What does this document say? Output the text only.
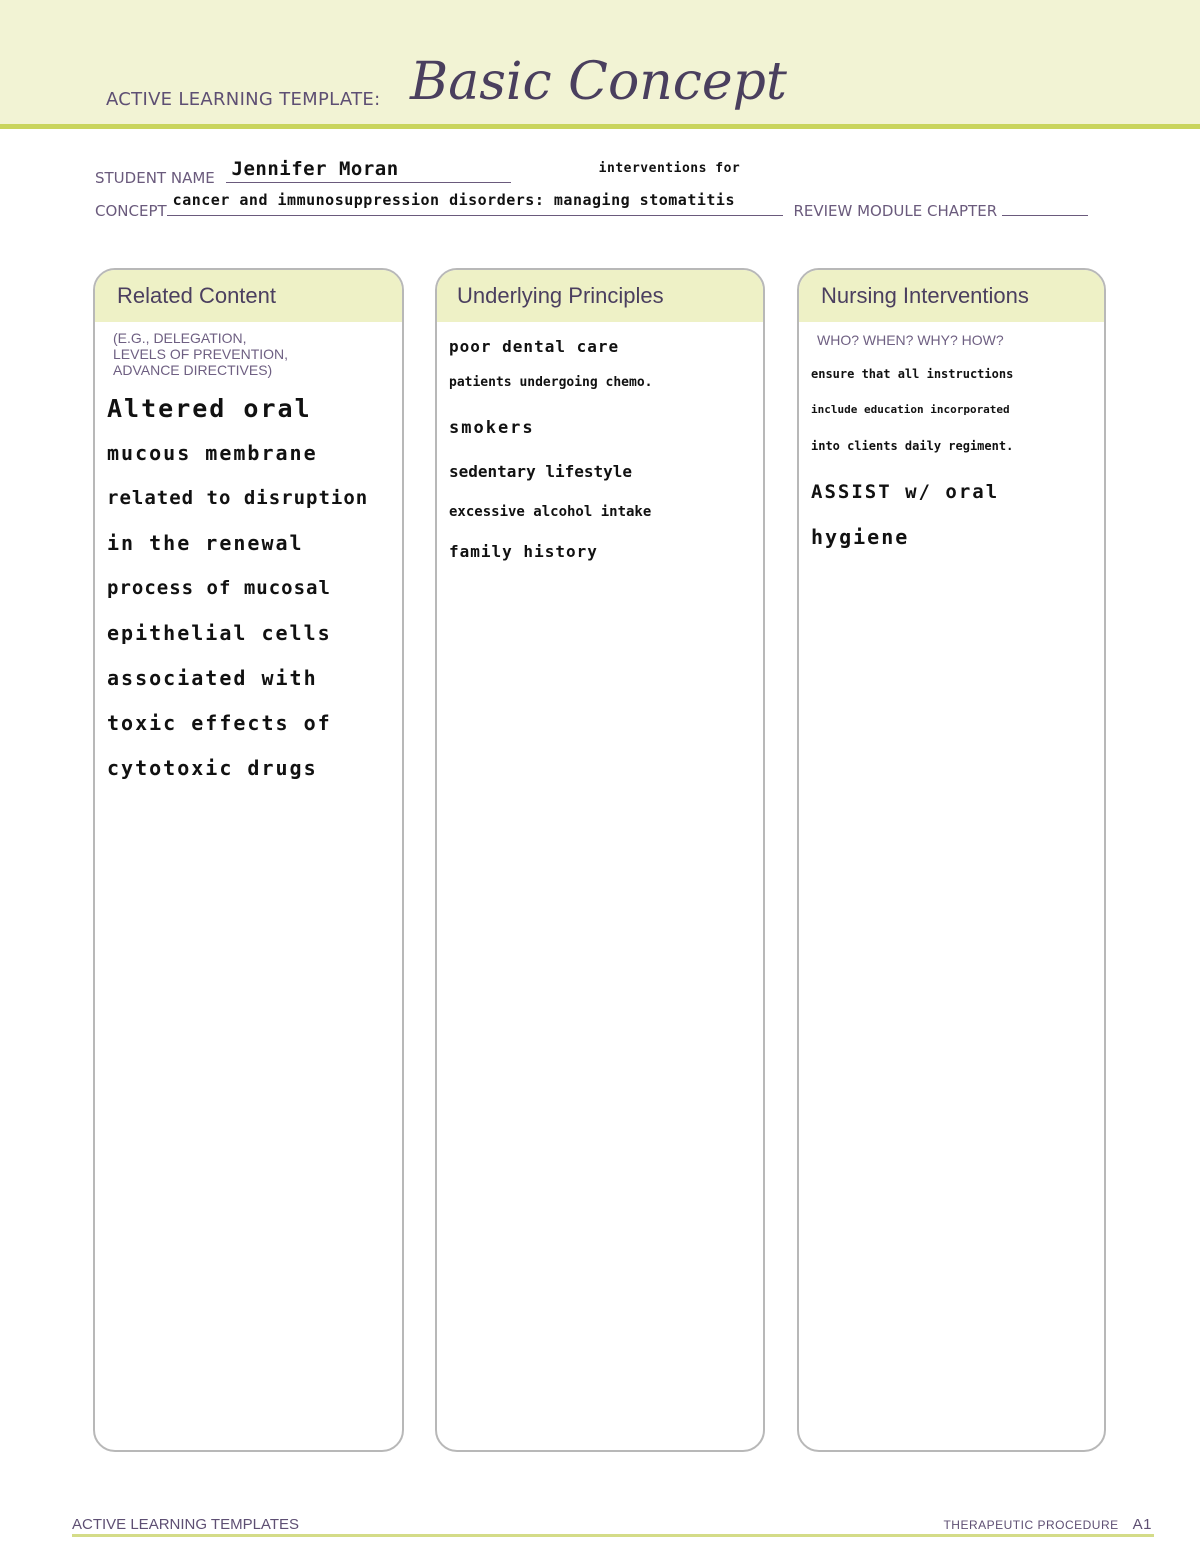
ACTIVE LEARNING TEMPLATE: Basic Concept
STUDENT NAME Jennifer Moran
CONCEPT
cancer and immunosuppression disorders: managing stomatitis
interventions for
REVIEW MODULE CHAPTER
Related Content
(E.G., DELEGATION,
LEVELS OF PREVENTION,
ADVANCE DIRECTIVES)
Altered oral
mucous membrane
related to disruption
in the renewal
process of mucosal
epithelial cells
associated with
toxic effects of
cytotoxic drugs
Underlying Principles
poor dental care
patients undergoing chemo.
smokers
sedentary lifestyle
excessive alcohol intake
family history
Nursing Interventions
WHO? WHEN? WHY? HOW?
ensure that all instructions
include education incorporated
into clients daily regiment.
ASSIST w/ oral
hygiene
ACTIVE LEARNING TEMPLATES	THERAPEUTIC PROCEDURE A1
